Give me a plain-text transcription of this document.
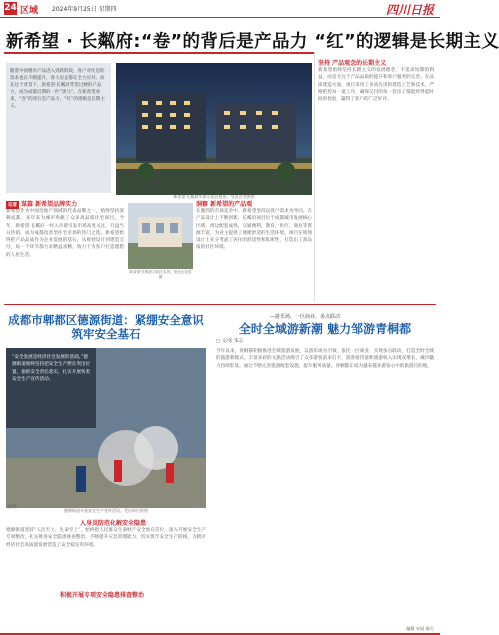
24 区域 2024年9月25日 星期四	四川日报
新希望 · 长粼府:“卷”的背后是产品力 “红”的逻辑是长期主义
随着中国楼市产品进入到新阶段，客户对住房的需求也在不断提升，各大房企都在全力应对。而在这个背景下，新希望·长粼府凭借过硬的产品力，成为成都近期的一匹“黑马”。在新希望看来，“卷”的背后是产品力，“红”的逻辑是长期主义。
新希望·长粼府实景示范区夜景。受访企业供图
记者 谋篇 新希望品牌实力
新希望作为中国房地产领域的代表品牌之一，始终坚持深耕成都，多年来为城市奉献了众多高品质住宅项目。今年，新希望·长粼府一经入市即引发市场高度关注，开盘当日热销，成为成都改善型住宅市场的热门之选。新希望始终把产品品质作为企业发展的基石，从规划设计到建造交付，每一个环节都力求精益求精，致力于为客户打造理想的人居生活。
新希望·长粼府示范区实景。受访企业供图
洞察 新希望的产品观
在激烈的市场竞争中，新希望坚持以客户需求为导向，在产品设计上不断创新。长粼府项目位于成都城市发展核心区域，周边配套成熟，交通便利，教育、医疗、商业等资源丰富，为业主提供了便捷舒适的生活环境。项目在规划设计上充分考虑了居住的舒适性和私密性，打造出了高品质的社区环境。
坚持 产品观念的长期主义
新希望始终坚持长期主义的发展理念，不追求短期的利益，而是专注于产品品质的提升和客户服务的完善。在品质建造方面，项目采用了多项先进的建造工艺和技术，严格把控每一道工序，确保交付的每一套房子都能经得起时间的检验，赢得了客户的广泛好评。
成都市郫都区德源街道：紧绷安全意识 筑牢安全基石
“安全发展是经济社会发展的基础。”德源街道始终坚持把安全生产摆在突出位置，狠抓安全责任落实，扎实开展各类安全生产宣传活动。
文/何
德源街道开展安全生产宣传活动。受访单位供图
人身及防范化解安全隐患
德源街道坚持“人民至上、生命至上”，始终把人民群众生命财产安全放在首位，深入开展安全生产专项整治，扎实推进安全隐患排查整治，不断提升应急管理能力，切实筑牢安全生产防线，为辖区经济社会高质量发展营造了安全稳定的环境。
积极开展专项安全隐患排查整治
—游乐场、一区商业、多点联动
全时全域游新潮 魅力邹游青桐都
□ 文/张 邹志
今年以来，青桐都积极推进全域旅游发展，以游乐场为引领，依托一区商业，实现多点联动，打造全时全域的旅游新模式。丰富多彩的文旅活动吸引了众多游客前来打卡，游客接待量和旅游收入实现双增长，城市魅力持续彰显。通过不断完善旅游配套设施，提升服务质量，青桐都正成为越来越多游客心中的旅游目的地。
编辑 宋丽 廖可
